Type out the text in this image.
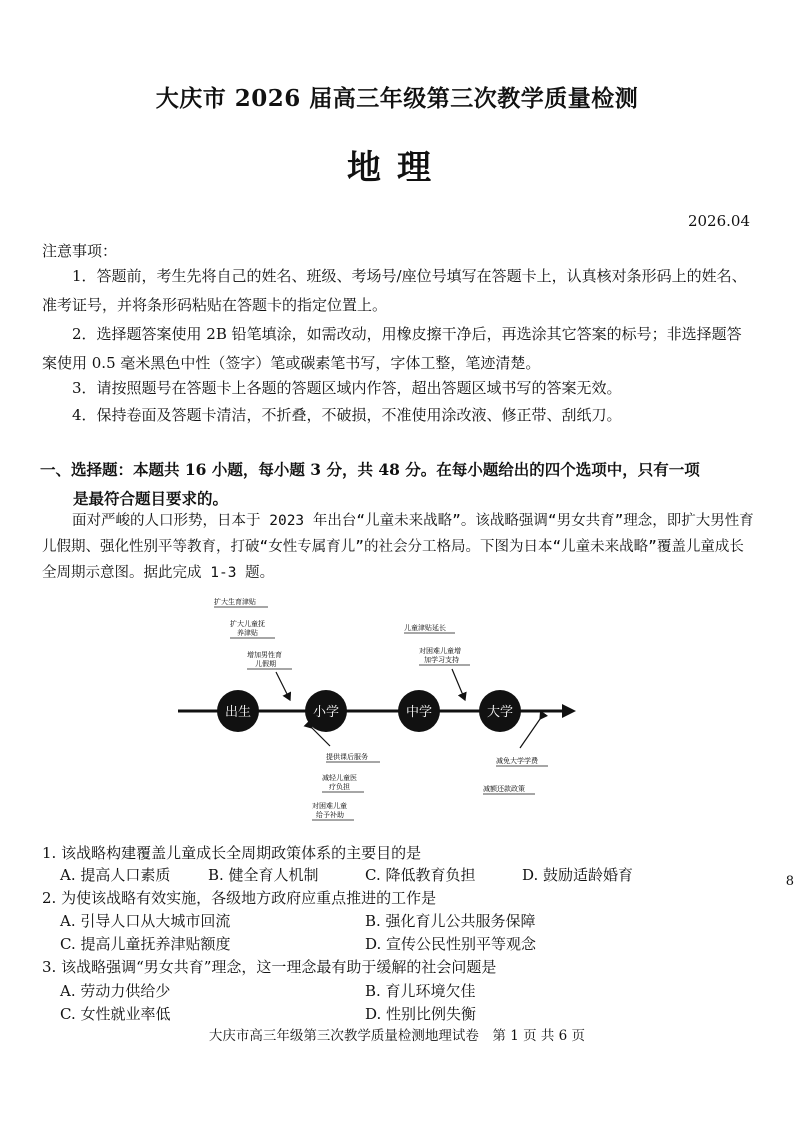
大庆市 2026 届高三年级第三次教学质量检测
地理
2026.04
注意事项：
1．答题前，考生先将自己的姓名、班级、考场号/座位号填写在答题卡上，认真核对条形码上的姓名、准考证号，并将条形码粘贴在答题卡的指定位置上。
2．选择题答案使用 2B 铅笔填涂，如需改动，用橡皮擦干净后，再选涂其它答案的标号；非选择题答案使用 0.5 毫米黑色中性（签字）笔或碳素笔书写，字体工整，笔迹清楚。
3．请按照题号在答题卡上各题的答题区域内作答，超出答题区域书写的答案无效。
4．保持卷面及答题卡清洁，不折叠，不破损，不准使用涂改液、修正带、刮纸刀。
一、选择题：本题共 16 小题，每小题 3 分，共 48 分。在每小题给出的四个选项中，只有一项
是最符合题目要求的。
面对严峻的人口形势，日本于 2023 年出台“儿童未来战略”。该战略强调“男女共育”理念，即扩大男性育儿假期、强化性别平等教育，打破“女性专属育儿”的社会分工格局。下图为日本“儿童未来战略”覆盖儿童成长全周期示意图。据此完成 1-3 题。
出生	小学	中学	大学
扩大生育津贴
扩大儿童抚
养津贴
增加男性育
儿假期
儿童津贴延长
对困难儿童增
加学习支持
提供课后服务
减轻儿童医
疗负担
对困难儿童
给予补助
减免大学学费
减额还款政策
1. 该战略构建覆盖儿童成长全周期政策体系的主要目的是
A. 提高人口素质	B. 健全育人机制	C. 降低教育负担	D. 鼓励适龄婚育
2. 为使该战略有效实施，各级地方政府应重点推进的工作是
A. 引导人口从大城市回流	B. 强化育儿公共服务保障
C. 提高儿童抚养津贴额度	D. 宣传公民性别平等观念
3. 该战略强调“男女共育”理念，这一理念最有助于缓解的社会问题是
A. 劳动力供给少	B. 育儿环境欠佳
C. 女性就业率低	D. 性别比例失衡
大庆市高三年级第三次教学质量检测地理试卷　第 1 页 共 6 页
8
